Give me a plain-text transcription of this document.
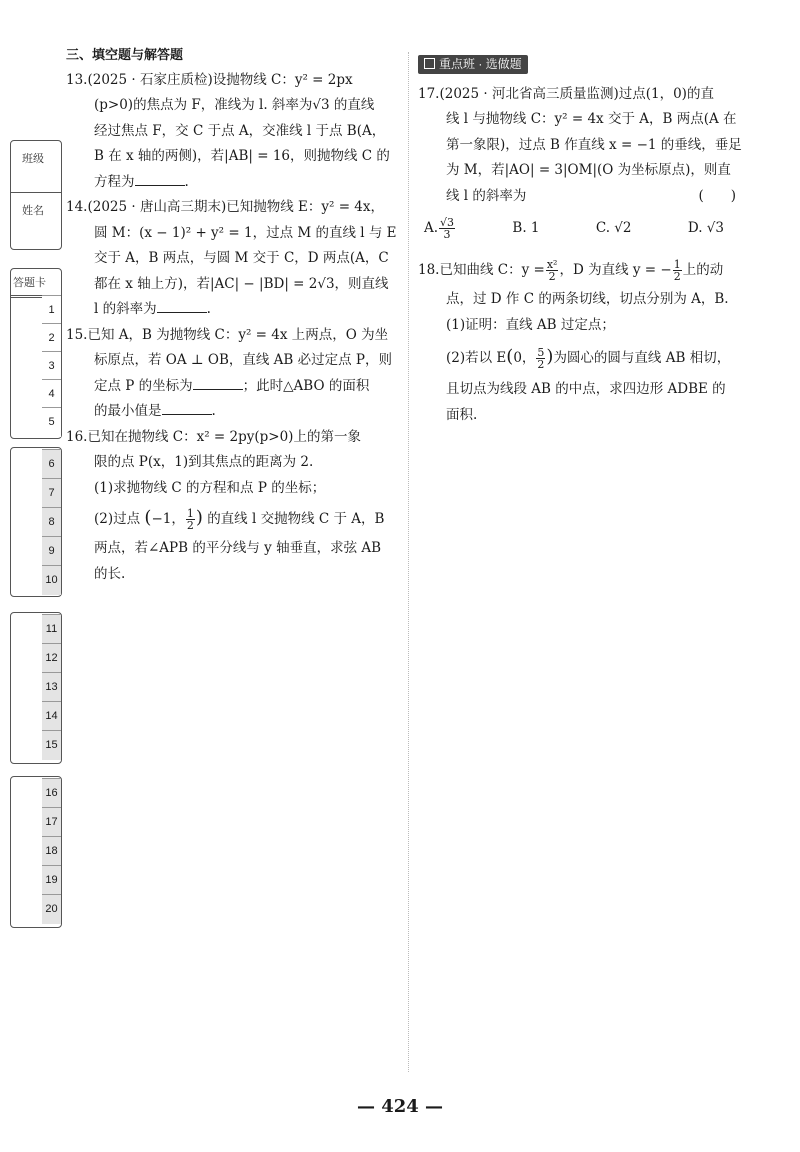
班级
姓名
答题卡
1
2
3
4
5
6
7
8
9
10
11
12
13
14
15
16
17
18
19
20
三、填空题与解答题
13.(2025 · 石家庄质检)设抛物线 C：y² = 2px
(p>0)的焦点为 F，准线为 l. 斜率为√3 的直线
经过焦点 F，交 C 于点 A，交准线 l 于点 B(A，
B 在 x 轴的两侧)，若|AB| = 16，则抛物线 C 的
方程为	.
14.(2025 · 唐山高三期末)已知抛物线 E：y² = 4x，
圆 M：(x − 1)² + y² = 1，过点 M 的直线 l 与 E
交于 A，B 两点，与圆 M 交于 C，D 两点(A，C
都在 x 轴上方)，若|AC| − |BD| = 2√3，则直线
l 的斜率为	.
15.已知 A，B 为抛物线 C：y² = 4x 上两点，O 为坐
标原点，若 OA ⊥ OB，直线 AB 必过定点 P，则
定点 P 的坐标为	；此时△ABO 的面积
的最小值是	.
16.已知在抛物线 C：x² = 2py(p>0)上的第一象
限的点 P(x，1)到其焦点的距离为 2.
(1)求抛物线 C 的方程和点 P 的坐标；
(2)过点 (−1， $\frac{1}{2}$ ) 的直线 l 交抛物线 C 于 A，B
两点，若∠APB 的平分线与 y 轴垂直，求弦 AB
的长.
重点班 · 选做题
17.(2025 · 河北省高三质量监测)过点(1，0)的直
线 l 与抛物线 C：y² = 4x 交于 A，B 两点(A 在
第一象限)，过点 B 作直线 x = −1 的垂线，垂足
为 M，若|AO| = 3|OM|(O 为坐标原点)，则直
线 l 的斜率为	(　　)
A. $\frac{√3}{3}$	B. 1	C. √2	D. √3
18.已知曲线 C：$y = \frac{\text{x²}}{2}$ ，D 为直线 y = − $\frac{1}{2}$ 上的动
点，过 D 作 C 的两条切线，切点分别为 A，B.
(1)证明：直线 AB 过定点；
(2)若以 E(0， $\frac{5}{2}$ )为圆心的圆与直线 AB 相切，
且切点为线段 AB 的中点，求四边形 ADBE 的
面积.
— 424 —
